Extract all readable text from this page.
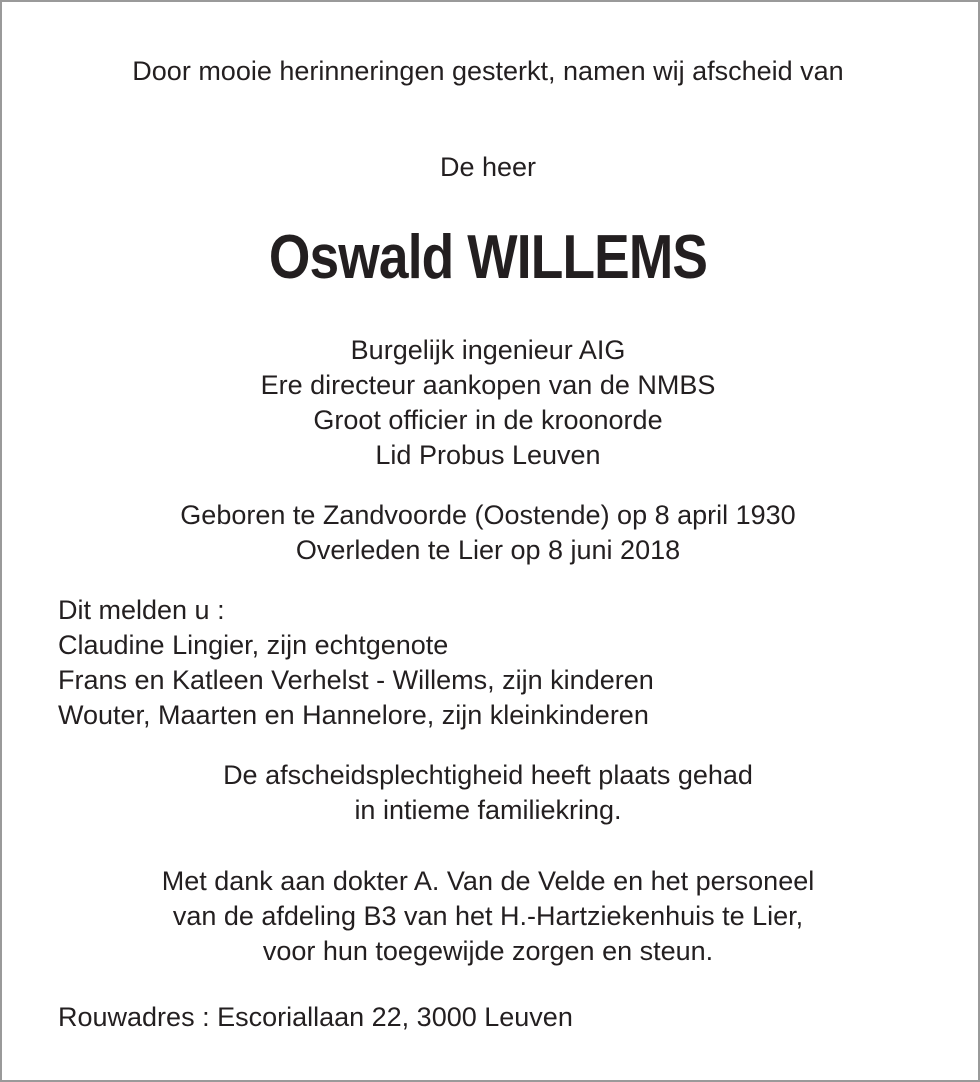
Door mooie herinneringen gesterkt, namen wij afscheid van
De heer
Oswald WILLEMS
Burgelijk ingenieur AIG
Ere directeur aankopen van de NMBS
Groot officier in de kroonorde
Lid Probus Leuven
Geboren te Zandvoorde (Oostende) op 8 april 1930
Overleden te Lier op 8 juni 2018
Dit melden u :
Claudine Lingier, zijn echtgenote
Frans en Katleen Verhelst - Willems, zijn kinderen
Wouter, Maarten en Hannelore, zijn kleinkinderen
De afscheidsplechtigheid heeft plaats gehad
in intieme familiekring.
Met dank aan dokter A. Van de Velde en het personeel
van de afdeling B3 van het H.-Hartziekenhuis te Lier,
voor hun toegewijde zorgen en steun.
Rouwadres : Escoriallaan 22, 3000 Leuven
